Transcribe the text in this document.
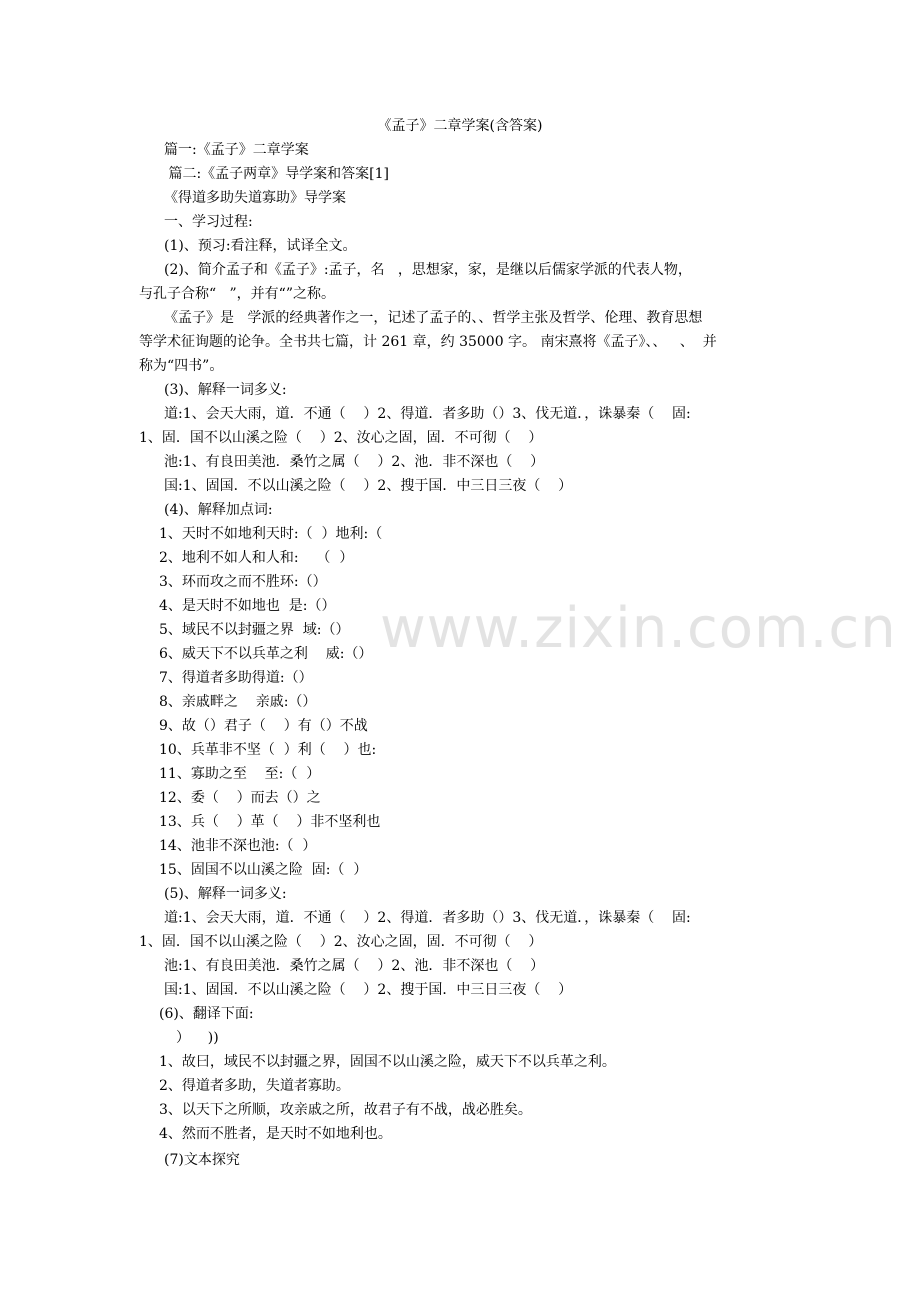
www.zixin.com.cn
《孟子》二章学案(含答案)
篇一:《孟子》二章学案
篇二:《孟子两章》导学案和答案[1]
《得道多助失道寡助》导学案
一、学习过程:
(1)、预习:看注释，试译全文。
(2)、简介孟子和《孟子》:孟子，名   ，思想家，家，是继以后儒家学派的代表人物，
与孔子合称“   ”，并有“”之称。
《孟子》是   学派的经典著作之一，记述了孟子的、、哲学主张及哲学、伦理、教育思想
等学术征询题的论争。全书共七篇，计 261 章，约 35000 字。 南宋熹将《孟子》、、   、  并
称为“四书”。
(3)、解释一词多义:
道:1、会天大雨，道．不通（    ）2、得道．者多助（）3、伐无道．，诛暴秦（    固:
1、固．国不以山溪之险（    ）2、汝心之固，固．不可彻（    ）
池:1、有良田美池．桑竹之属（    ）2、池．非不深也（    ）
国:1、固国．不以山溪之险（    ）2、搜于国．中三日三夜（    ）
(4)、解释加点词:
1、天时不如地利天时:（  ）地利:（
2、地利不如人和人和:    （  ）
3、环而攻之而不胜环:（）
4、是天时不如地也  是:（）
5、域民不以封疆之界  域:（）
6、威天下不以兵革之利    威:（）
7、得道者多助得道:（）
8、亲戚畔之    亲戚:（）
9、故（）君子（    ）有（）不战
10、兵革非不坚（  ）利（    ）也:
11、寡助之至    至:（  ）
12、委（    ）而去（）之
13、兵（    ）革（    ）非不坚利也
14、池非不深也池:（  ）
15、固国不以山溪之险  固:（  ）
(5)、解释一词多义:
道:1、会天大雨，道．不通（    ）2、得道．者多助（）3、伐无道．，诛暴秦（    固:
1、固．国不以山溪之险（    ）2、汝心之固，固．不可彻（    ）
池:1、有良田美池．桑竹之属（    ）2、池．非不深也（    ）
国:1、固国．不以山溪之险（    ）2、搜于国．中三日三夜（    ）
(6)、翻译下面:
）    ))
1、故曰，域民不以封疆之界，固国不以山溪之险，威天下不以兵革之利。
2、得道者多助，失道者寡助。
3、以天下之所顺，攻亲戚之所，故君子有不战，战必胜矣。
4、然而不胜者，是天时不如地利也。
(7)文本探究
